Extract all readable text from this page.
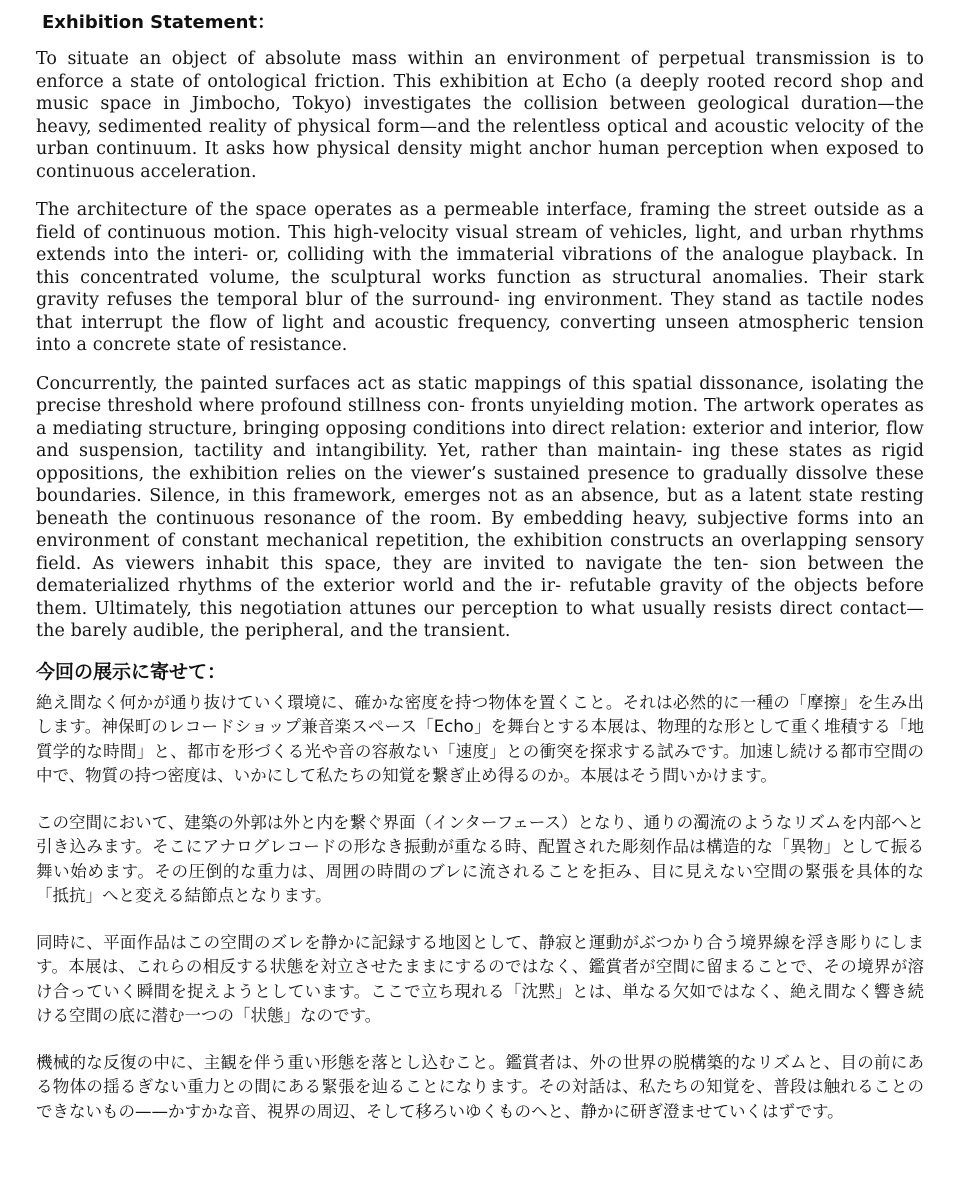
Exhibition Statement：

To situate an object of absolute mass within an environment of perpetual transmission is to enforce a state of ontological friction. This exhibition at Echo (a deeply rooted record shop and music space in Jimbocho, Tokyo) investigates the collision between geological duration—the heavy, sedimented reality of physical form—and the relentless optical and acoustic velocity of the urban continuum. It asks how physical density might anchor human perception when exposed to continuous acceleration.

The architecture of the space operates as a permeable interface, framing the street outside as a field of continuous motion. This high-velocity visual stream of vehicles, light, and urban rhythms extends into the interi- or, colliding with the immaterial vibrations of the analogue playback. In this concentrated volume, the sculptural works function as structural anomalies. Their stark gravity refuses the temporal blur of the surround- ing environment. They stand as tactile nodes that interrupt the flow of light and acoustic frequency, converting unseen atmospheric tension into a concrete state of resistance.

Concurrently, the painted surfaces act as static mappings of this spatial dissonance, isolating the precise threshold where profound stillness con- fronts unyielding motion. The artwork operates as a mediating structure, bringing opposing conditions into direct relation: exterior and interior, flow and suspension, tactility and intangibility. Yet, rather than maintain- ing these states as rigid oppositions, the exhibition relies on the viewer’s sustained presence to gradually dissolve these boundaries. Silence, in this framework, emerges not as an absence, but as a latent state resting beneath the continuous resonance of the room. By embedding heavy, subjective forms into an environment of constant mechanical repetition, the exhibition constructs an overlapping sensory field. As viewers inhabit this space, they are invited to navigate the ten- sion between the dematerialized rhythms of the exterior world and the ir- refutable gravity of the objects before them. Ultimately, this negotiation attunes our perception to what usually resists direct contact—the barely audible, the peripheral, and the transient.

今回の展示に寄せて：

絶え間なく何かが通り抜けていく環境に、確かな密度を持つ物体を置くこと。それは必然的に一種の「摩擦」を生み出します。神保町のレコードショップ兼音楽スペース「Echo」を舞台とする本展は、物理的な形として重く堆積する「地質学的な時間」と、都市を形づくる光や音の容赦ない「速度」との衝突を探求する試みです。加速し続ける都市空間の中で、物質の持つ密度は、いかにして私たちの知覚を繋ぎ止め得るのか。本展はそう問いかけます。

この空間において、建築の外郭は外と内を繋ぐ界面（インターフェース）となり、通りの濁流のようなリズムを内部へと引き込みます。そこにアナログレコードの形なき振動が重なる時、配置された彫刻作品は構造的な「異物」として振る舞い始めます。その圧倒的な重力は、周囲の時間のブレに流されることを拒み、目に見えない空間の緊張を具体的な「抵抗」へと変える結節点となります。

同時に、平面作品はこの空間のズレを静かに記録する地図として、静寂と運動がぶつかり合う境界線を浮き彫りにします。本展は、これらの相反する状態を対立させたままにするのではなく、鑑賞者が空間に留まることで、その境界が溶け合っていく瞬間を捉えようとしています。ここで立ち現れる「沈黙」とは、単なる欠如ではなく、絶え間なく響き続ける空間の底に潜む一つの「状態」なのです。

機械的な反復の中に、主観を伴う重い形態を落とし込むこと。鑑賞者は、外の世界の脱構築的なリズムと、目の前にある物体の揺るぎない重力との間にある緊張を辿ることになります。その対話は、私たちの知覚を、普段は触れることのできないもの——かすかな音、視界の周辺、そして移ろいゆくものへと、静かに研ぎ澄ませていくはずです。
